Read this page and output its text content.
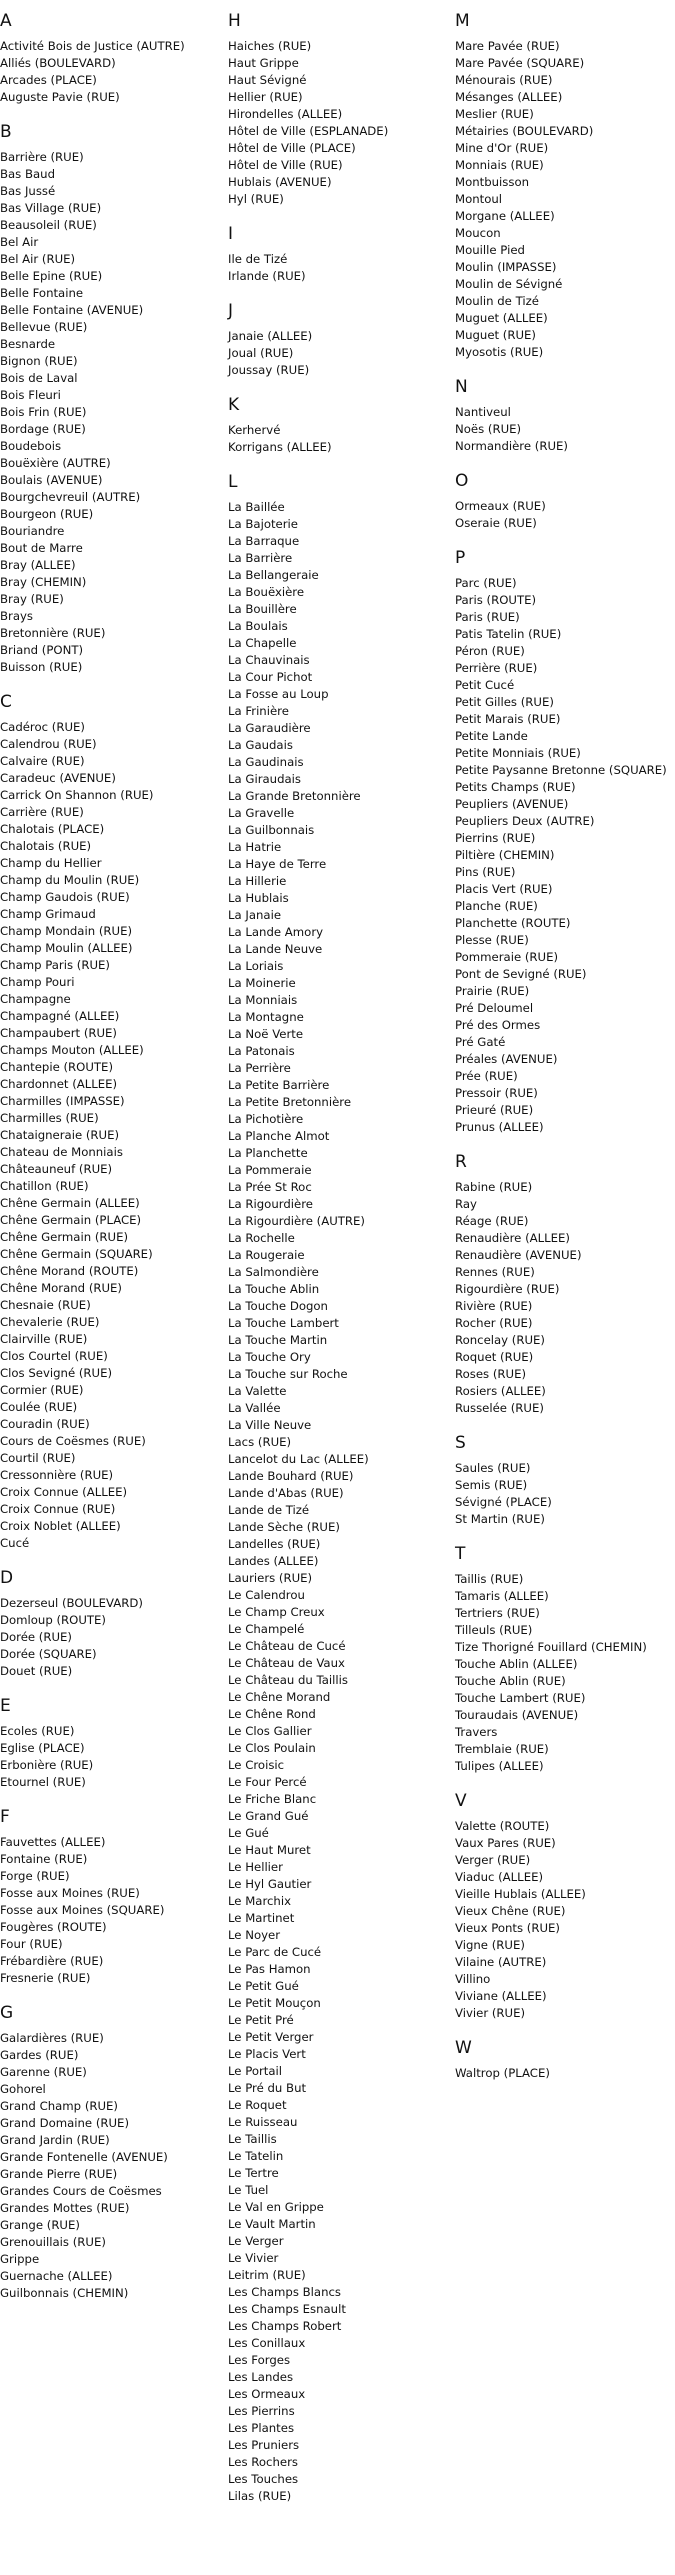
A
Activité Bois de Justice (AUTRE)
Alliés (BOULEVARD)
Arcades (PLACE)
Auguste Pavie (RUE)
B
Barrière (RUE)
Bas Baud
Bas Jussé
Bas Village (RUE)
Beausoleil (RUE)
Bel Air
Bel Air (RUE)
Belle Epine (RUE)
Belle Fontaine
Belle Fontaine (AVENUE)
Bellevue (RUE)
Besnarde
Bignon (RUE)
Bois de Laval
Bois Fleuri
Bois Frin (RUE)
Bordage (RUE)
Boudebois
Bouëxière (AUTRE)
Boulais (AVENUE)
Bourgchevreuil (AUTRE)
Bourgeon (RUE)
Bouriandre
Bout de Marre
Bray (ALLEE)
Bray (CHEMIN)
Bray (RUE)
Brays
Bretonnière (RUE)
Briand (PONT)
Buisson (RUE)
C
Cadéroc (RUE)
Calendrou (RUE)
Calvaire (RUE)
Caradeuc (AVENUE)
Carrick On Shannon (RUE)
Carrière (RUE)
Chalotais (PLACE)
Chalotais (RUE)
Champ du Hellier
Champ du Moulin (RUE)
Champ Gaudois (RUE)
Champ Grimaud
Champ Mondain (RUE)
Champ Moulin (ALLEE)
Champ Paris (RUE)
Champ Pouri
Champagne
Champagné (ALLEE)
Champaubert (RUE)
Champs Mouton (ALLEE)
Chantepie (ROUTE)
Chardonnet (ALLEE)
Charmilles (IMPASSE)
Charmilles (RUE)
Chataigneraie (RUE)
Chateau de Monniais
Châteauneuf (RUE)
Chatillon (RUE)
Chêne Germain (ALLEE)
Chêne Germain (PLACE)
Chêne Germain (RUE)
Chêne Germain (SQUARE)
Chêne Morand (ROUTE)
Chêne Morand (RUE)
Chesnaie (RUE)
Chevalerie (RUE)
Clairville (RUE)
Clos Courtel (RUE)
Clos Sevigné (RUE)
Cormier (RUE)
Coulée (RUE)
Couradin (RUE)
Cours de Coësmes (RUE)
Courtil (RUE)
Cressonnière (RUE)
Croix Connue (ALLEE)
Croix Connue (RUE)
Croix Noblet (ALLEE)
Cucé
D
Dezerseul (BOULEVARD)
Domloup (ROUTE)
Dorée (RUE)
Dorée (SQUARE)
Douet (RUE)
E
Ecoles (RUE)
Eglise (PLACE)
Erbonière (RUE)
Etournel (RUE)
F
Fauvettes (ALLEE)
Fontaine (RUE)
Forge (RUE)
Fosse aux Moines (RUE)
Fosse aux Moines (SQUARE)
Fougères (ROUTE)
Four (RUE)
Frébardière (RUE)
Fresnerie (RUE)
G
Galardières (RUE)
Gardes (RUE)
Garenne (RUE)
Gohorel
Grand Champ (RUE)
Grand Domaine (RUE)
Grand Jardin (RUE)
Grande Fontenelle (AVENUE)
Grande Pierre (RUE)
Grandes Cours de Coësmes
Grandes Mottes (RUE)
Grange (RUE)
Grenouillais (RUE)
Grippe
Guernache (ALLEE)
Guilbonnais (CHEMIN)
H
Haiches (RUE)
Haut Grippe
Haut Sévigné
Hellier (RUE)
Hirondelles (ALLEE)
Hôtel de Ville (ESPLANADE)
Hôtel de Ville (PLACE)
Hôtel de Ville (RUE)
Hublais (AVENUE)
Hyl (RUE)
I
Ile de Tizé
Irlande (RUE)
J
Janaie (ALLEE)
Joual (RUE)
Joussay (RUE)
K
Kerhervé
Korrigans (ALLEE)
L
La Baillée
La Bajoterie
La Barraque
La Barrière
La Bellangeraie
La Bouëxière
La Bouillère
La Boulais
La Chapelle
La Chauvinais
La Cour Pichot
La Fosse au Loup
La Frinière
La Garaudière
La Gaudais
La Gaudinais
La Giraudais
La Grande Bretonnière
La Gravelle
La Guilbonnais
La Hatrie
La Haye de Terre
La Hillerie
La Hublais
La Janaie
La Lande Amory
La Lande Neuve
La Loriais
La Moinerie
La Monniais
La Montagne
La Noë Verte
La Patonais
La Perrière
La Petite Barrière
La Petite Bretonnière
La Pichotière
La Planche Almot
La Planchette
La Pommeraie
La Prée St Roc
La Rigourdière
La Rigourdière (AUTRE)
La Rochelle
La Rougeraie
La Salmondière
La Touche Ablin
La Touche Dogon
La Touche Lambert
La Touche Martin
La Touche Ory
La Touche sur Roche
La Valette
La Vallée
La Ville Neuve
Lacs (RUE)
Lancelot du Lac (ALLEE)
Lande Bouhard (RUE)
Lande d'Abas (RUE)
Lande de Tizé
Lande Sèche (RUE)
Landelles (RUE)
Landes (ALLEE)
Lauriers (RUE)
Le Calendrou
Le Champ Creux
Le Champelé
Le Château de Cucé
Le Château de Vaux
Le Château du Taillis
Le Chêne Morand
Le Chêne Rond
Le Clos Gallier
Le Clos Poulain
Le Croisic
Le Four Percé
Le Friche Blanc
Le Grand Gué
Le Gué
Le Haut Muret
Le Hellier
Le Hyl Gautier
Le Marchix
Le Martinet
Le Noyer
Le Parc de Cucé
Le Pas Hamon
Le Petit Gué
Le Petit Mouçon
Le Petit Pré
Le Petit Verger
Le Placis Vert
Le Portail
Le Pré du But
Le Roquet
Le Ruisseau
Le Taillis
Le Tatelin
Le Tertre
Le Tuel
Le Val en Grippe
Le Vault Martin
Le Verger
Le Vivier
Leitrim (RUE)
Les Champs Blancs
Les Champs Esnault
Les Champs Robert
Les Conillaux
Les Forges
Les Landes
Les Ormeaux
Les Pierrins
Les Plantes
Les Pruniers
Les Rochers
Les Touches
Lilas (RUE)
M
Mare Pavée (RUE)
Mare Pavée (SQUARE)
Ménourais (RUE)
Mésanges (ALLEE)
Meslier (RUE)
Métairies (BOULEVARD)
Mine d'Or (RUE)
Monniais (RUE)
Montbuisson
Montoul
Morgane (ALLEE)
Moucon
Mouille Pied
Moulin (IMPASSE)
Moulin de Sévigné
Moulin de Tizé
Muguet (ALLEE)
Muguet (RUE)
Myosotis (RUE)
N
Nantiveul
Noës (RUE)
Normandière (RUE)
O
Ormeaux (RUE)
Oseraie (RUE)
P
Parc (RUE)
Paris (ROUTE)
Paris (RUE)
Patis Tatelin (RUE)
Péron (RUE)
Perrière (RUE)
Petit Cucé
Petit Gilles (RUE)
Petit Marais (RUE)
Petite Lande
Petite Monniais (RUE)
Petite Paysanne Bretonne (SQUARE)
Petits Champs (RUE)
Peupliers (AVENUE)
Peupliers Deux (AUTRE)
Pierrins (RUE)
Piltière (CHEMIN)
Pins (RUE)
Placis Vert (RUE)
Planche (RUE)
Planchette (ROUTE)
Plesse (RUE)
Pommeraie (RUE)
Pont de Sevigné (RUE)
Prairie (RUE)
Pré Deloumel
Pré des Ormes
Pré Gaté
Préales (AVENUE)
Prée (RUE)
Pressoir (RUE)
Prieuré (RUE)
Prunus (ALLEE)
R
Rabine (RUE)
Ray
Réage (RUE)
Renaudière (ALLEE)
Renaudière (AVENUE)
Rennes (RUE)
Rigourdière (RUE)
Rivière (RUE)
Rocher (RUE)
Roncelay (RUE)
Roquet (RUE)
Roses (RUE)
Rosiers (ALLEE)
Russelée (RUE)
S
Saules (RUE)
Semis (RUE)
Sévigné (PLACE)
St Martin (RUE)
T
Taillis (RUE)
Tamaris (ALLEE)
Tertriers (RUE)
Tilleuls (RUE)
Tize Thorigné Fouillard (CHEMIN)
Touche Ablin (ALLEE)
Touche Ablin (RUE)
Touche Lambert (RUE)
Touraudais (AVENUE)
Travers
Tremblaie (RUE)
Tulipes (ALLEE)
V
Valette (ROUTE)
Vaux Pares (RUE)
Verger (RUE)
Viaduc (ALLEE)
Vieille Hublais (ALLEE)
Vieux Chêne (RUE)
Vieux Ponts (RUE)
Vigne (RUE)
Vilaine (AUTRE)
Villino
Viviane (ALLEE)
Vivier (RUE)
W
Waltrop (PLACE)
